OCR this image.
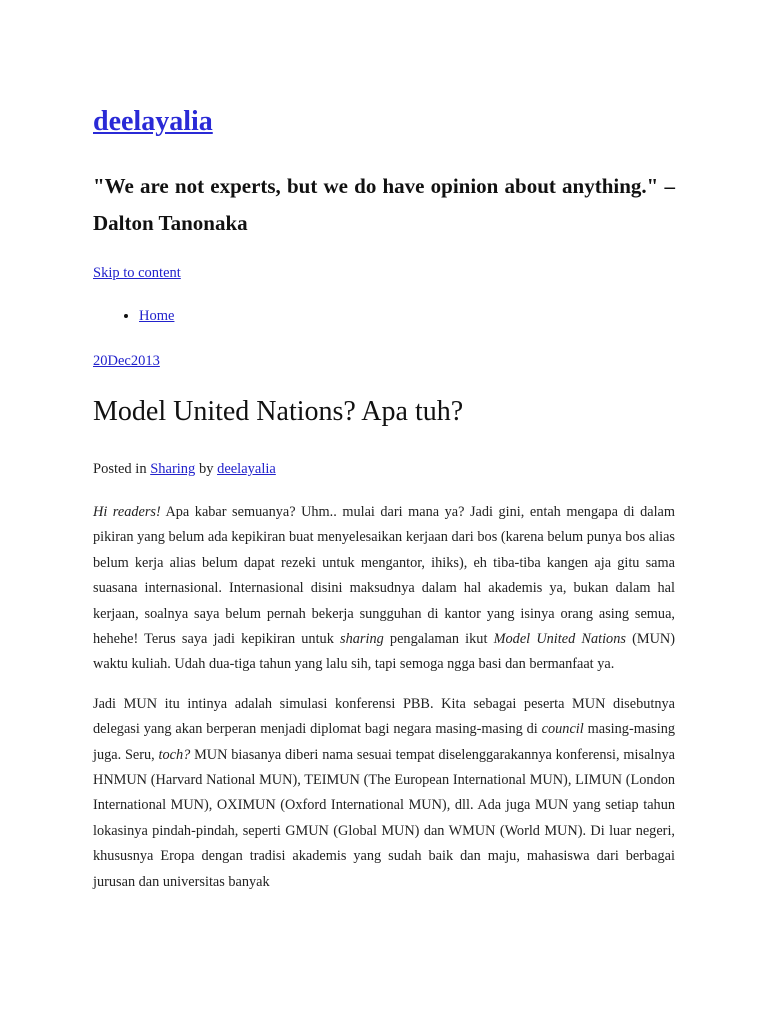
deelayalia

"We are not experts, but we do have opinion about anything." – Dalton Tanonaka

Skip to content
• Home
20Dec2013
Model United Nations? Apa tuh?
Posted in Sharing by deelayalia

Hi readers! Apa kabar semuanya? Uhm.. mulai dari mana ya? Jadi gini, entah mengapa di dalam pikiran yang belum ada kepikiran buat menyelesaikan kerjaan dari bos (karena belum punya bos alias belum kerja alias belum dapat rezeki untuk mengantor, ihiks), eh tiba-tiba kangen aja gitu sama suasana internasional. Internasional disini maksudnya dalam hal akademis ya, bukan dalam hal kerjaan, soalnya saya belum pernah bekerja sungguhan di kantor yang isinya orang asing semua, hehehe! Terus saya jadi kepikiran untuk sharing pengalaman ikut Model United Nations (MUN) waktu kuliah. Udah dua-tiga tahun yang lalu sih, tapi semoga ngga basi dan bermanfaat ya.

Jadi MUN itu intinya adalah simulasi konferensi PBB. Kita sebagai peserta MUN disebutnya delegasi yang akan berperan menjadi diplomat bagi negara masing-masing di council masing-masing juga. Seru, toch? MUN biasanya diberi nama sesuai tempat diselenggarakannya konferensi, misalnya HNMUN (Harvard National MUN), TEIMUN (The European International MUN), LIMUN (London International MUN), OXIMUN (Oxford International MUN), dll. Ada juga MUN yang setiap tahun lokasinya pindah-pindah, seperti GMUN (Global MUN) dan WMUN (World MUN). Di luar negeri, khususnya Eropa dengan tradisi akademis yang sudah baik dan maju, mahasiswa dari berbagai jurusan dan universitas banyak
